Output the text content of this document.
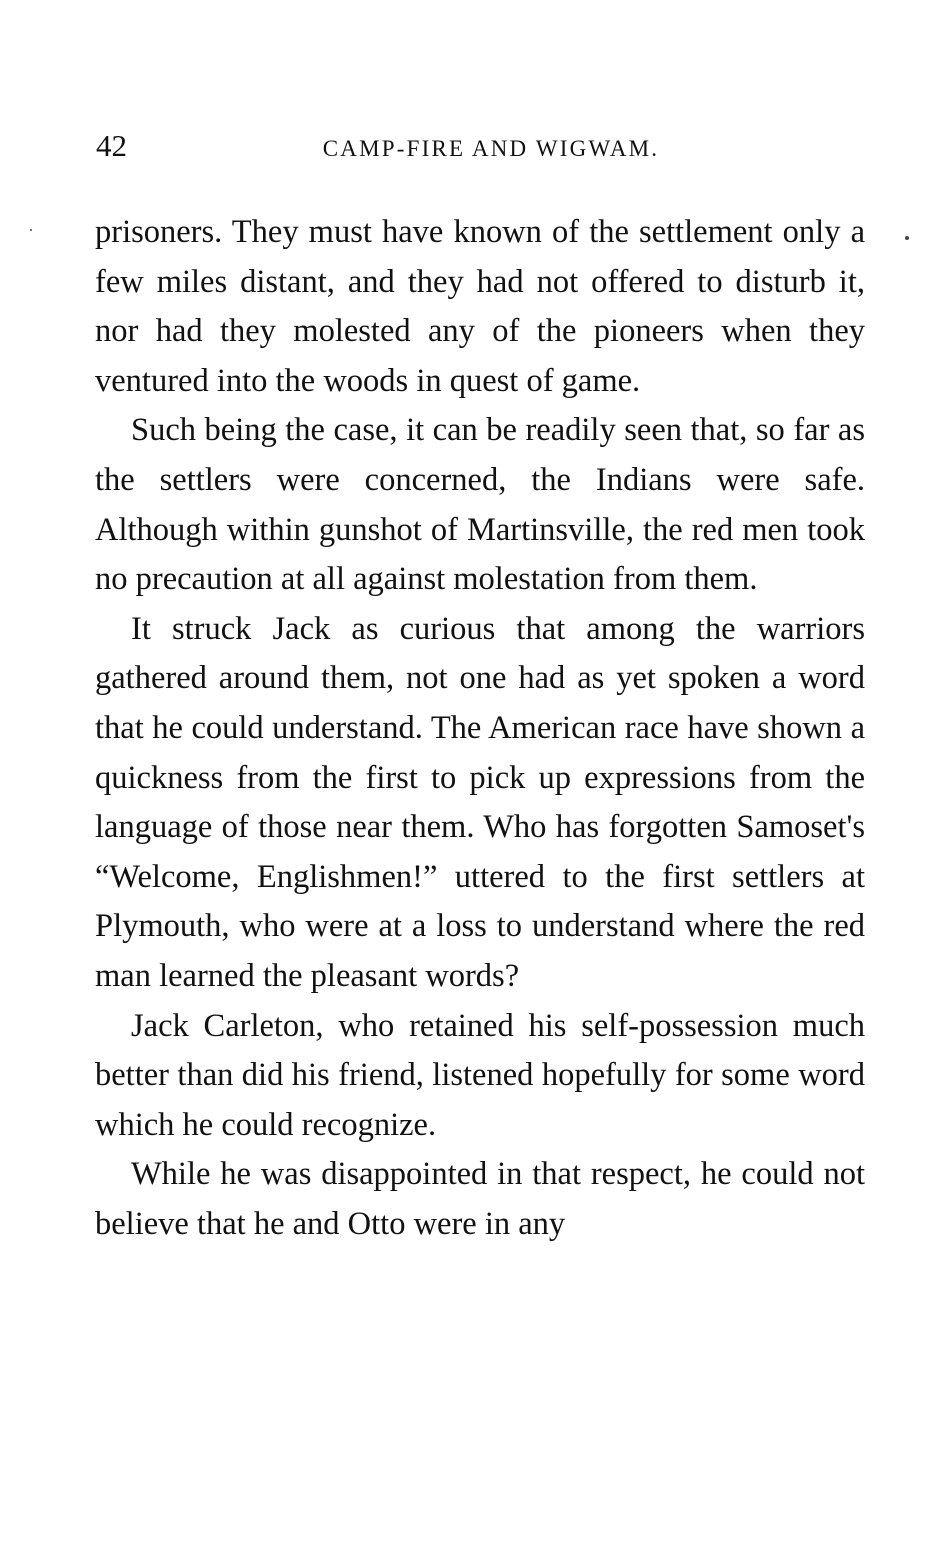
42	CAMP-FIRE AND WIGWAM.

prisoners. They must have known of the settlement only a few miles distant, and they had not offered to disturb it, nor had they molested any of the pioneers when they ventured into the woods in quest of game.

Such being the case, it can be readily seen that, so far as the settlers were concerned, the Indians were safe. Although within gunshot of Martinsville, the red men took no precaution at all against molestation from them.

It struck Jack as curious that among the warriors gathered around them, not one had as yet spoken a word that he could understand. The American race have shown a quickness from the first to pick up expressions from the language of those near them. Who has forgotten Samoset's “Welcome, Englishmen!” uttered to the first settlers at Plymouth, who were at a loss to understand where the red man learned the pleasant words?

Jack Carleton, who retained his self-possession much better than did his friend, listened hopefully for some word which he could recognize.

While he was disappointed in that respect, he could not believe that he and Otto were in any
